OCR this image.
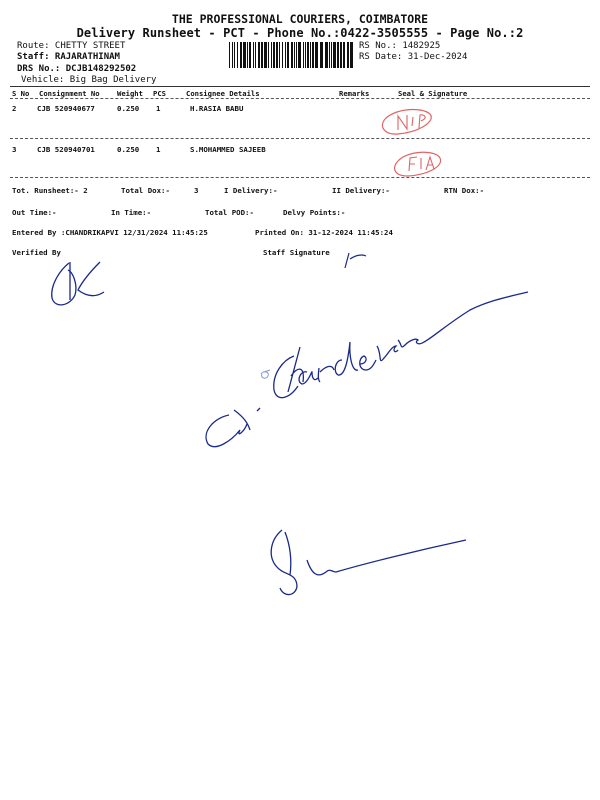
THE PROFESSIONAL COURIERS, COIMBATORE
Delivery Runsheet - PCT - Phone No.:0422-3505555 - Page No.:2
Route: CHETTY STREET
Staff: RAJARATHINAM
DRS No.: DCJB148292502
Vehicle: Big Bag Delivery
RS No.: 1482925
RS Date: 31-Dec-2024
S No Consignment No Weight PCS	Consignee Details	Remarks	Seal & Signature
2	CJB 520940677	0.250 1	H.RASIA BABU
3	CJB 520940701	0.250 1	S.MOHAMMED SAJEEB
Tot. Runsheet:- 2	Total Dox:-	3	I Delivery:-	II Delivery:-	RTN Dox:-
Out Time:-	In Time:-	Total POD:-	Delvy Points:-
Entered By :CHANDRIKAPVI 12/31/2024 11:45:25	Printed On: 31-12-2024 11:45:24
Verified By	Staff Signature
